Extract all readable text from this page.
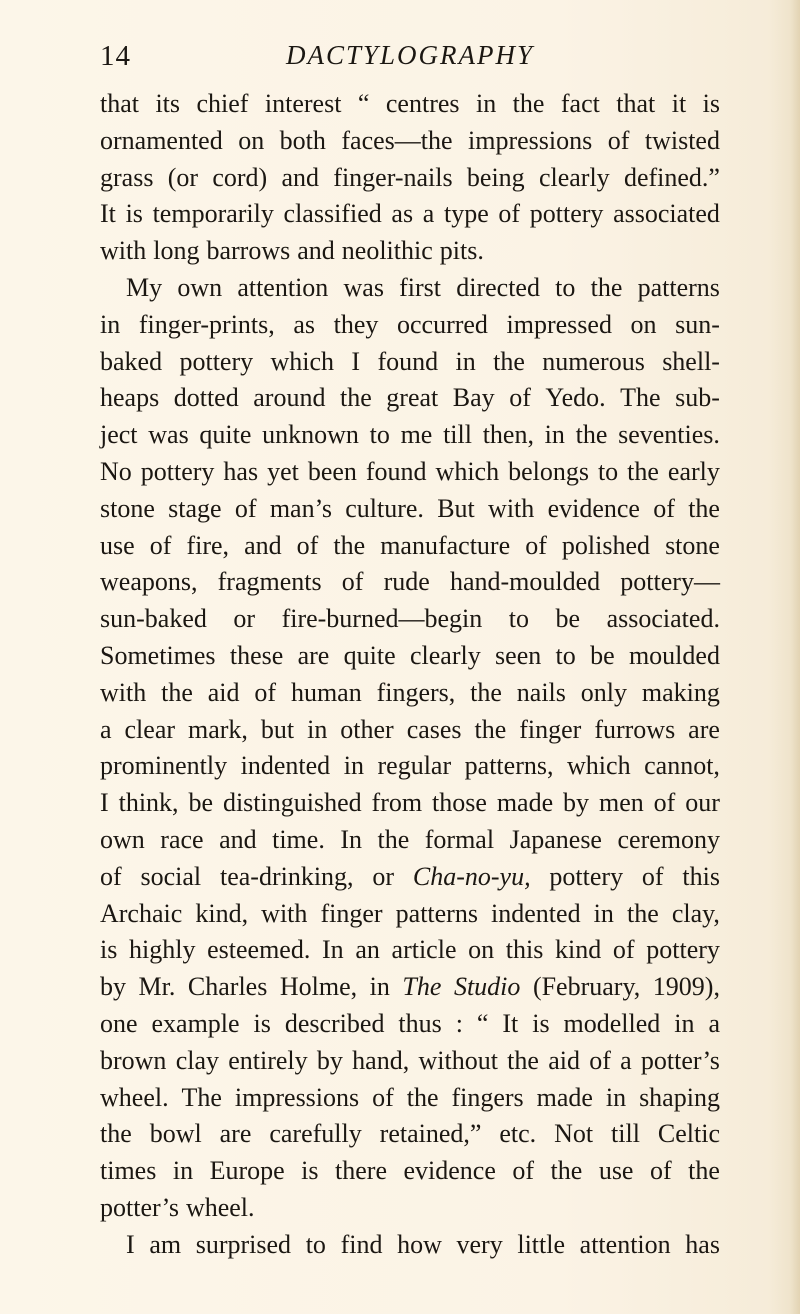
14	DACTYLOGRAPHY
that its chief interest “ centres in the fact that it is
ornamented on both faces—the impressions of twisted
grass (or cord) and finger-nails being clearly defined.”
It is temporarily classified as a type of pottery associated
with long barrows and neolithic pits.
My own attention was first directed to the patterns
in finger-prints, as they occurred impressed on sun-
baked pottery which I found in the numerous shell-
heaps dotted around the great Bay of Yedo. The sub-
ject was quite unknown to me till then, in the seventies.
No pottery has yet been found which belongs to the early
stone stage of man’s culture. But with evidence of the
use of fire, and of the manufacture of polished stone
weapons, fragments of rude hand-moulded pottery—
sun-baked or fire-burned—begin to be associated.
Sometimes these are quite clearly seen to be moulded
with the aid of human fingers, the nails only making
a clear mark, but in other cases the finger furrows are
prominently indented in regular patterns, which cannot,
I think, be distinguished from those made by men of our
own race and time. In the formal Japanese ceremony
of social tea-drinking, or Cha-no-yu, pottery of this
Archaic kind, with finger patterns indented in the clay,
is highly esteemed. In an article on this kind of pottery
by Mr. Charles Holme, in The Studio (February, 1909),
one example is described thus : “ It is modelled in a
brown clay entirely by hand, without the aid of a potter’s
wheel. The impressions of the fingers made in shaping
the bowl are carefully retained,” etc. Not till Celtic
times in Europe is there evidence of the use of the
potter’s wheel.
I am surprised to find how very little attention has
